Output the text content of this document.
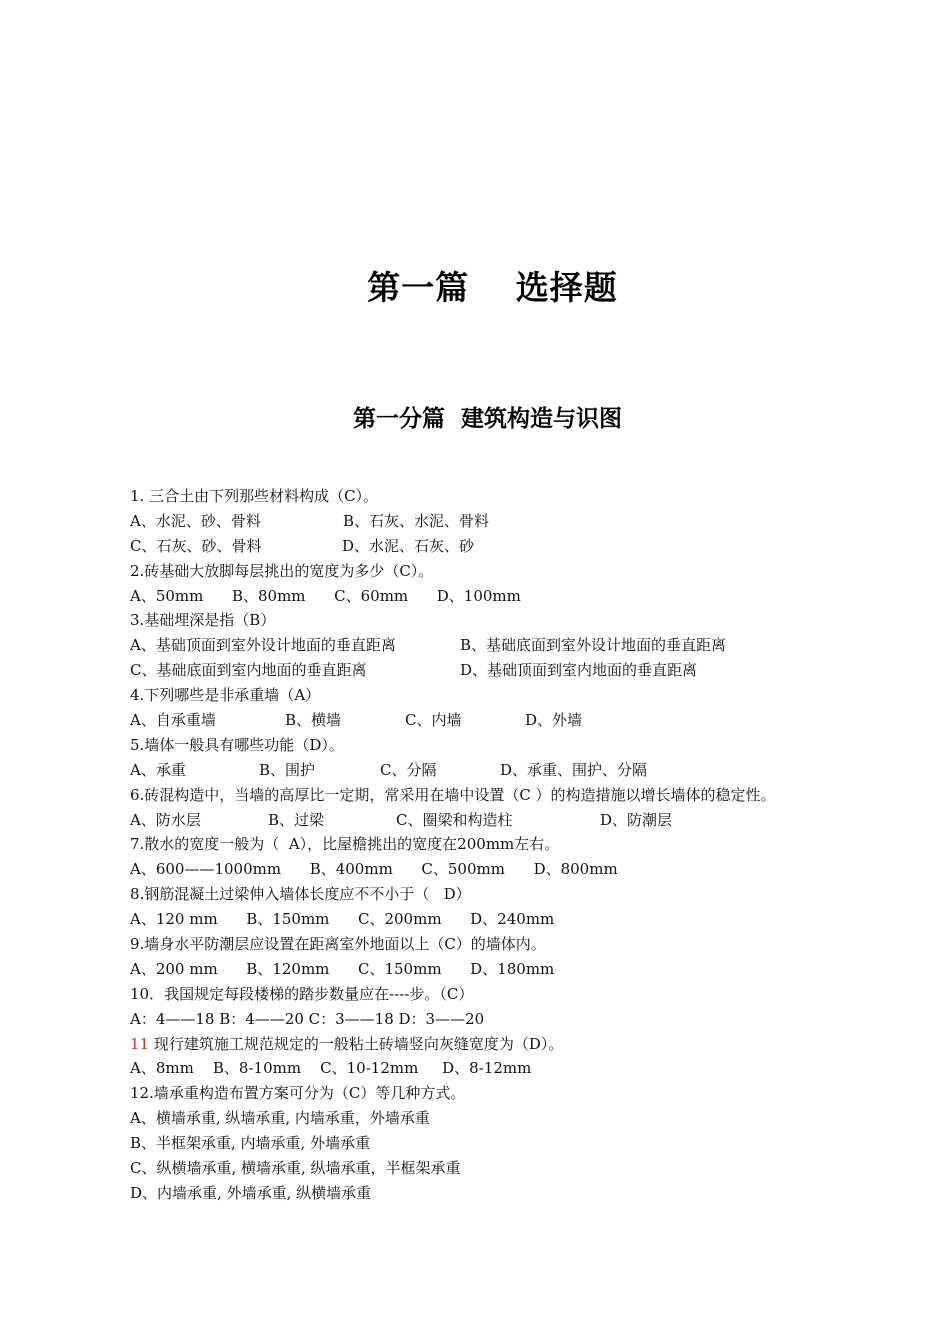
第一篇　 选择题
第一分篇  建筑构造与识图
1. 三合土由下列那些材料构成（C）。
A、水泥、砂、骨料	B、石灰、水泥、骨料
C、石灰、砂、骨料	D、水泥、石灰、砂
2.砖基础大放脚每层挑出的宽度为多少（C）。
A、50mm      B、80mm      C、60mm      D、100mm
3.基础埋深是指（B）
A、基础顶面到室外设计地面的垂直距离	B、基础底面到室外设计地面的垂直距离
C、基础底面到室内地面的垂直距离	D、基础顶面到室内地面的垂直距离
4.下列哪些是非承重墙（A）
A、自承重墙	B、横墙	C、内墙	D、外墙
5.墙体一般具有哪些功能（D）。
A、承重	B、围护	C、分隔	D、承重、围护、分隔
6.砖混构造中，当墙的高厚比一定期，常采用在墙中设置（C ）的构造措施以增长墙体的稳定性。
A、防水层	B、过梁	C、圈梁和构造柱	D、防潮层
7.散水的宽度一般为（  A），比屋檐挑出的宽度在200mm左右。
A、600——1000mm      B、400mm      C、500mm      D、800mm
8.钢筋混凝土过梁伸入墙体长度应不不小于（   D）
A、120 mm      B、150mm      C、200mm      D、240mm
9.墙身水平防潮层应设置在距离室外地面以上（C）的墙体内。
A、200 mm      B、120mm      C、150mm      D、180mm
10．我国规定每段楼梯的踏步数量应在----步。（C）
A：4——18 B：4——20 C：3——18 D：3——20
11 现行建筑施工规范规定的一般粘土砖墙竖向灰缝宽度为（D）。
A、8mm    B、8-10mm    C、10-12mm     D、8-12mm
12.墙承重构造布置方案可分为（C）等几种方式。
A、横墙承重, 纵墙承重, 内墙承重，外墙承重
B、半框架承重, 内墙承重, 外墙承重
C、纵横墙承重, 横墙承重, 纵墙承重，半框架承重
D、内墙承重, 外墙承重, 纵横墙承重
